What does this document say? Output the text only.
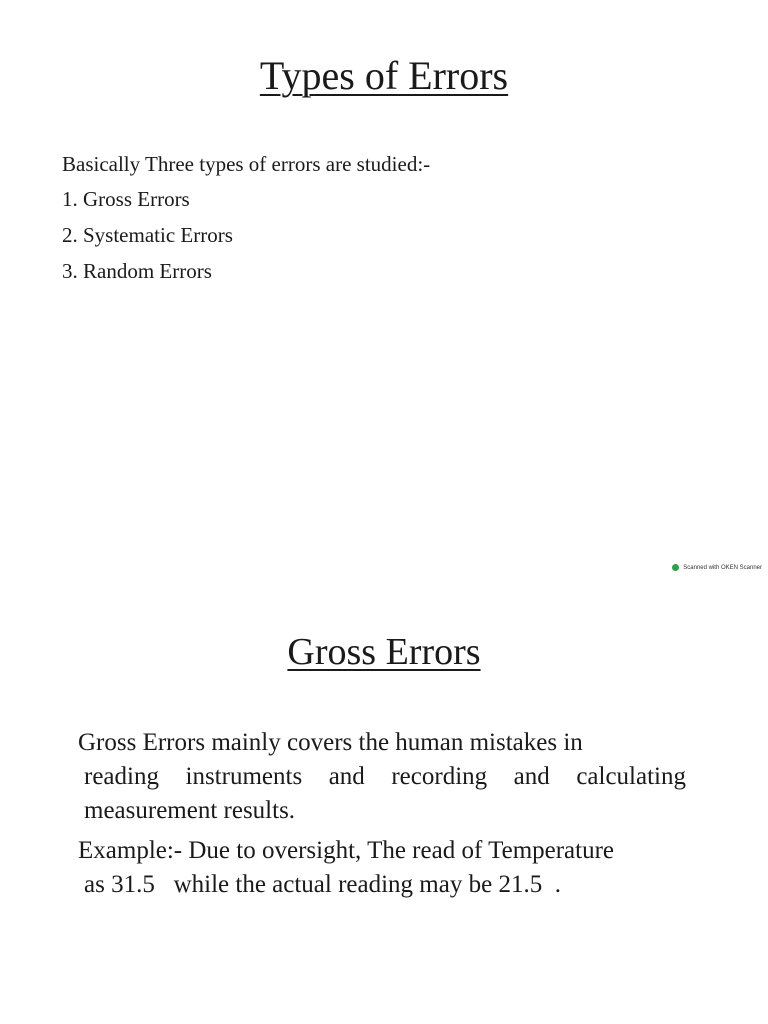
Types of Errors

Basically Three types of errors are studied:-

1. Gross Errors
2. Systematic Errors
3. Random Errors
Scanned with OKEN Scanner
Gross Errors

Gross Errors mainly covers the human mistakes in
reading instruments and recording and calculating
measurement results.

Example:- Due to oversight, The read of Temperature
as 31.5   while the actual reading may be 21.5  .
